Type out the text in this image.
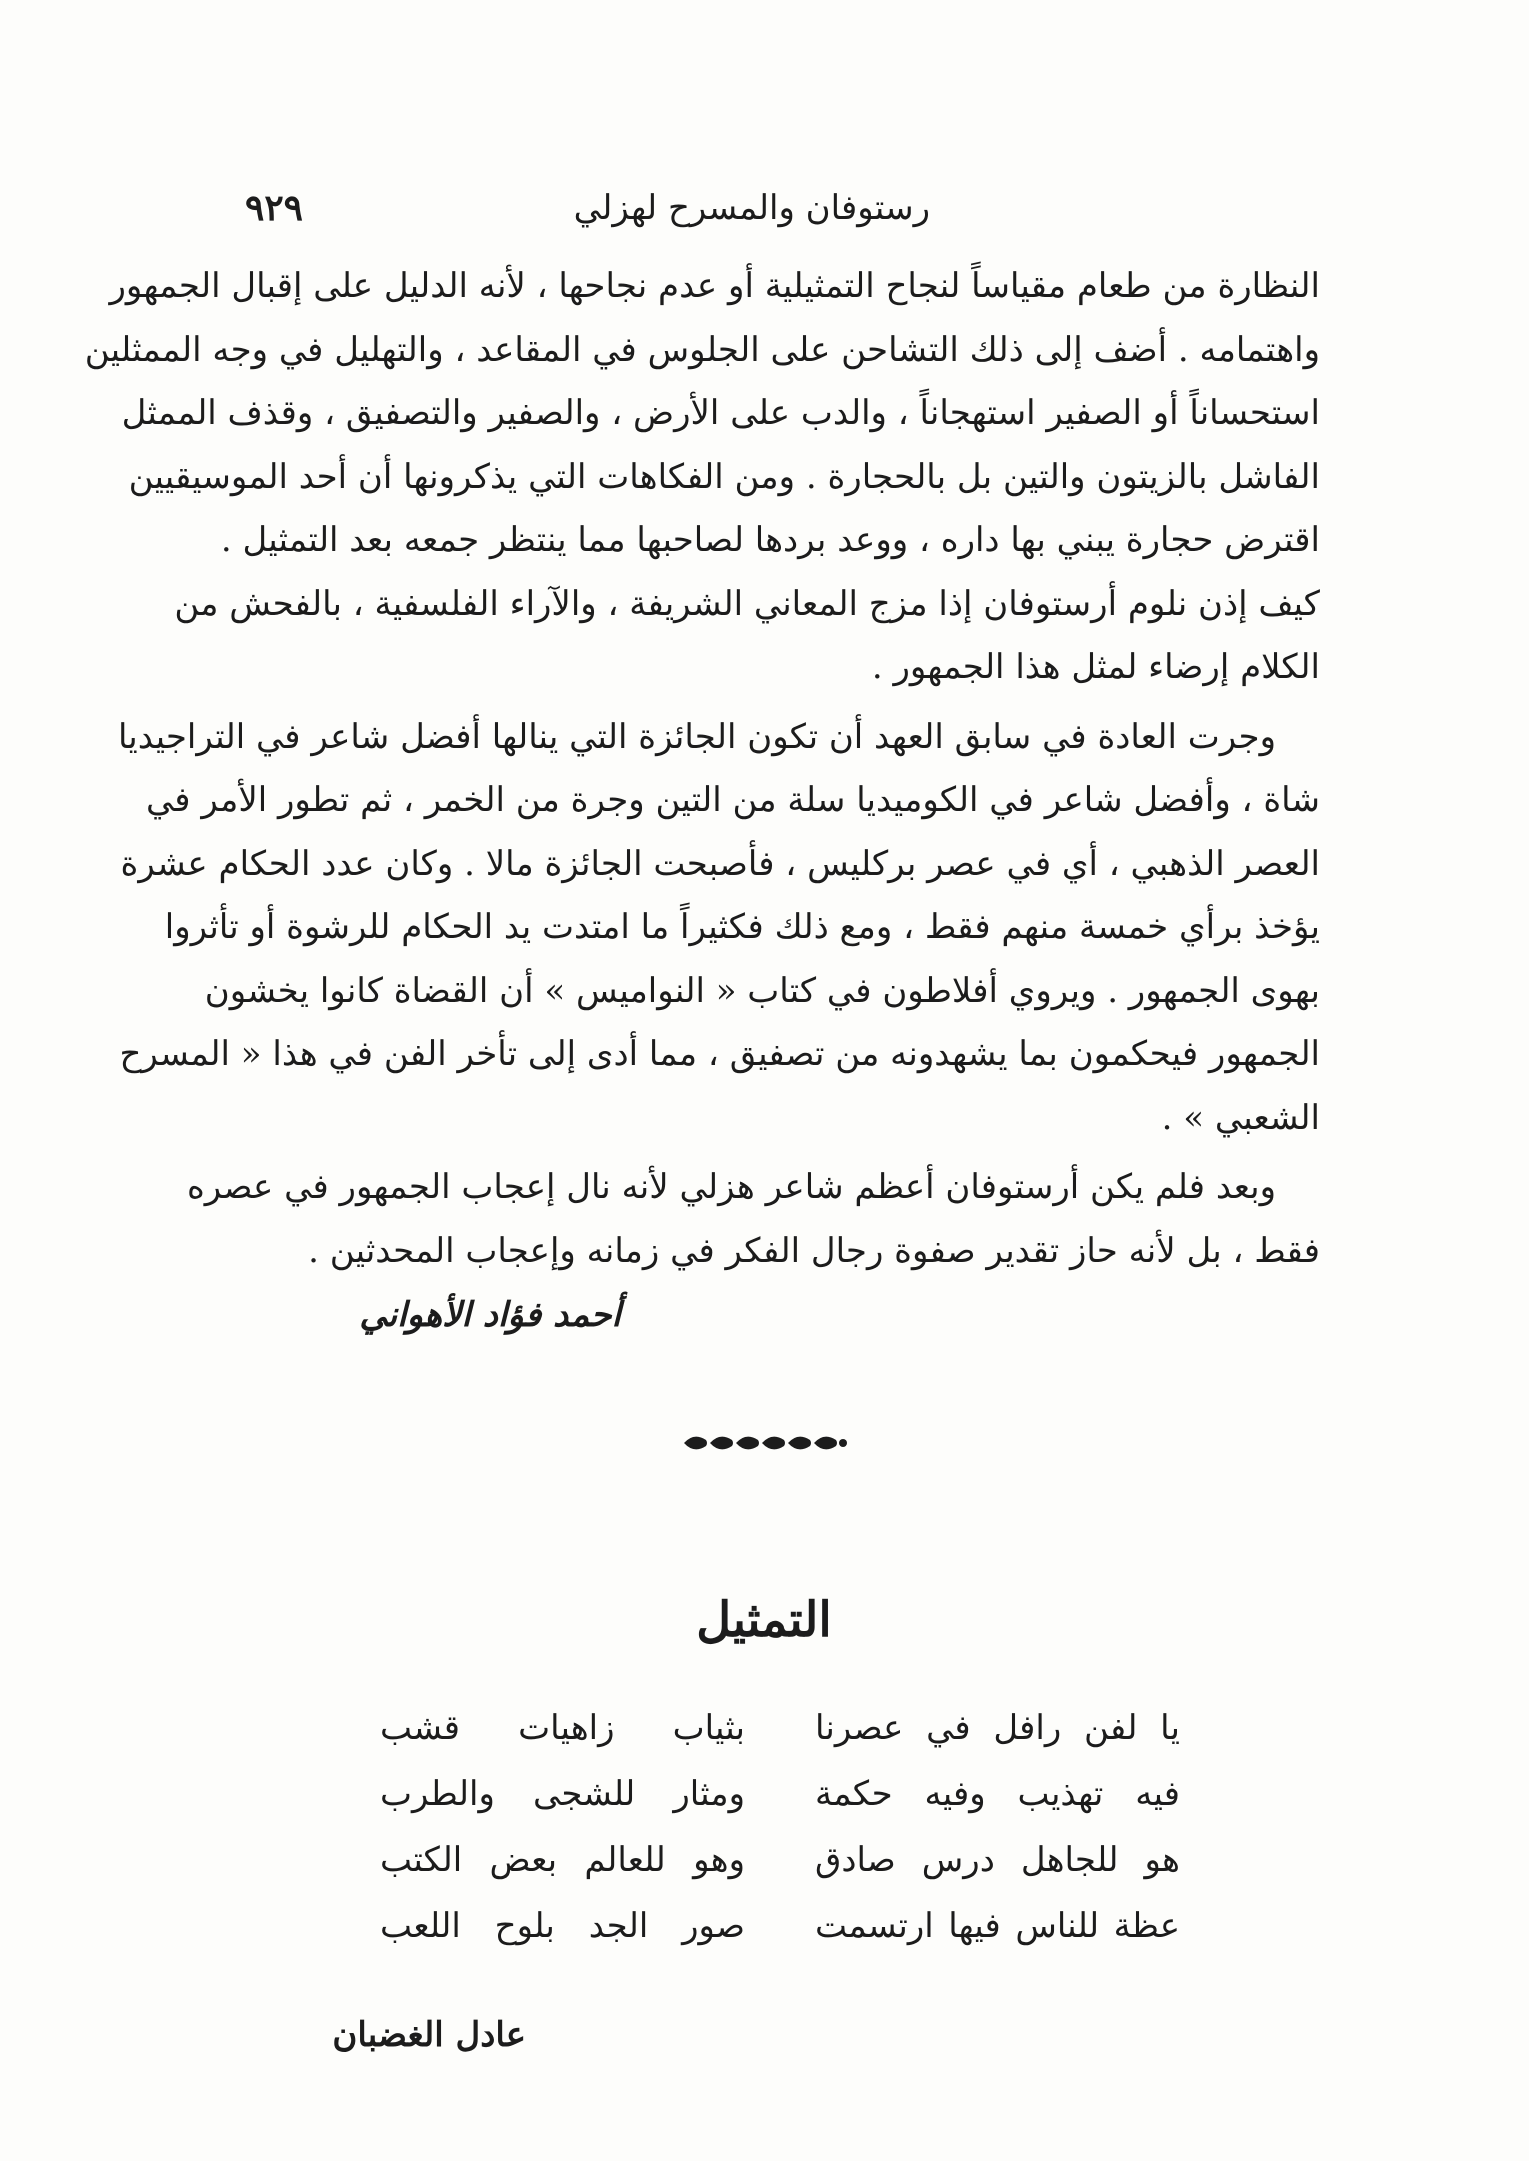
رستوفان والمسرح لهزلي
٩٢٩
النظارة من طعام مقياساً لنجاح التمثيلية أو عدم نجاحها ، لأنه الدليل على إقبال الجمهور
واهتمامه . أضف إلى ذلك التشاحن على الجلوس في المقاعد ، والتهليل في وجه الممثلين
استحساناً أو الصفير استهجاناً ، والدب على الأرض ، والصفير والتصفيق ، وقذف الممثل
الفاشل بالزيتون والتين بل بالحجارة . ومن الفكاهات التي يذكرونها أن أحد الموسيقيين
اقترض حجارة يبني بها داره ، ووعد بردها لصاحبها مما ينتظر جمعه بعد التمثيل .
كيف إذن نلوم أرستوفان إذا مزج المعاني الشريفة ، والآراء الفلسفية ، بالفحش من
الكلام إرضاء لمثل هذا الجمهور .
وجرت العادة في سابق العهد أن تكون الجائزة التي ينالها أفضل شاعر في التراجيديا
شاة ، وأفضل شاعر في الكوميديا سلة من التين وجرة من الخمر ، ثم تطور الأمر في
العصر الذهبي ، أي في عصر بركليس ، فأصبحت الجائزة مالا . وكان عدد الحكام عشرة
يؤخذ برأي خمسة منهم فقط ، ومع ذلك فكثيراً ما امتدت يد الحكام للرشوة أو تأثروا
بهوى الجمهور . ويروي أفلاطون في كتاب « النواميس » أن القضاة كانوا يخشون
الجمهور فيحكمون بما يشهدونه من تصفيق ، مما أدى إلى تأخر الفن في هذا « المسرح
الشعبي » .
وبعد فلم يكن أرستوفان أعظم شاعر هزلي لأنه نال إعجاب الجمهور في عصره
فقط ، بل لأنه حاز تقدير صفوة رجال الفكر في زمانه وإعجاب المحدثين .
أحمد فؤاد الأهواني
التمثيل
يا لفن رافل في عصرنا
بثياب زاهيات قشب
فيه تهذيب وفيه حكمة
ومثار للشجى والطرب
هو للجاهل درس صادق
وهو للعالم بعض الكتب
عظة للناس فيها ارتسمت
صور الجد بلوح اللعب
عادل الغضبان
